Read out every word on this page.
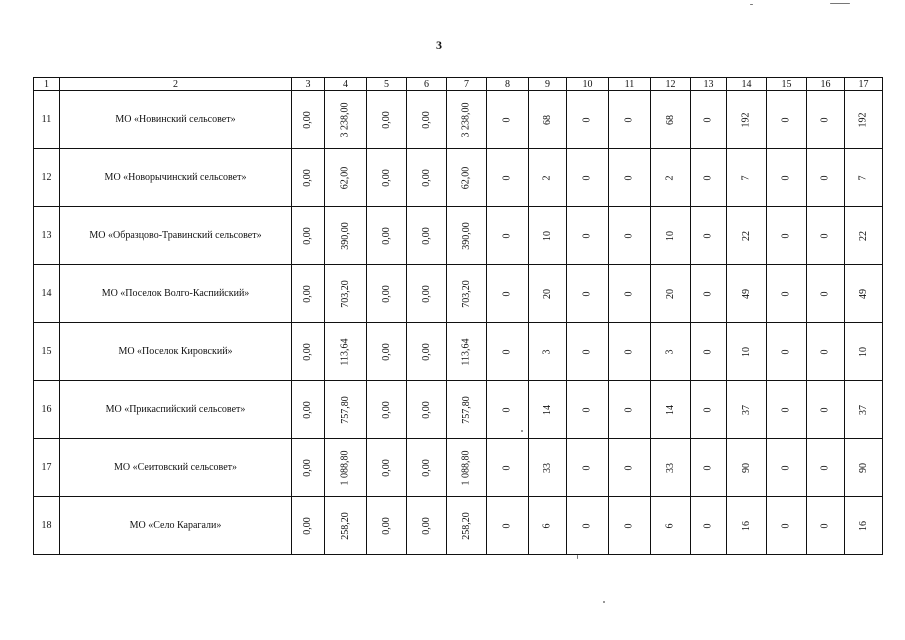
3
1	2	3	4	5	6	7	8	9	10	11	12	13	14	15	16	17
11	МО «Новинский сельсовет»	0,00	3 238,00	0,00	0,00	3 238,00	0	68	0	0	68	0	192	0	0	192
12	МО «Новорычинский сельсовет»	0,00	62,00	0,00	0,00	62,00	0	2	0	0	2	0	7	0	0	7
13	МО «Образцово-Травинский сельсовет»	0,00	390,00	0,00	0,00	390,00	0	10	0	0	10	0	22	0	0	22
14	МО «Поселок Волго-Каспийский»	0,00	703,20	0,00	0,00	703,20	0	20	0	0	20	0	49	0	0	49
15	МО «Поселок Кировский»	0,00	113,64	0,00	0,00	113,64	0	3	0	0	3	0	10	0	0	10
16	МО «Прикаспийский сельсовет»	0,00	757,80	0,00	0,00	757,80	0	14	0	0	14	0	37	0	0	37
17	МО «Сеитовский сельсовет»	0,00	1 088,80	0,00	0,00	1 088,80	0	33	0	0	33	0	90	0	0	90
18	МО «Село Карагали»	0,00	258,20	0,00	0,00	258,20	0	6	0	0	6	0	16	0	0	16
